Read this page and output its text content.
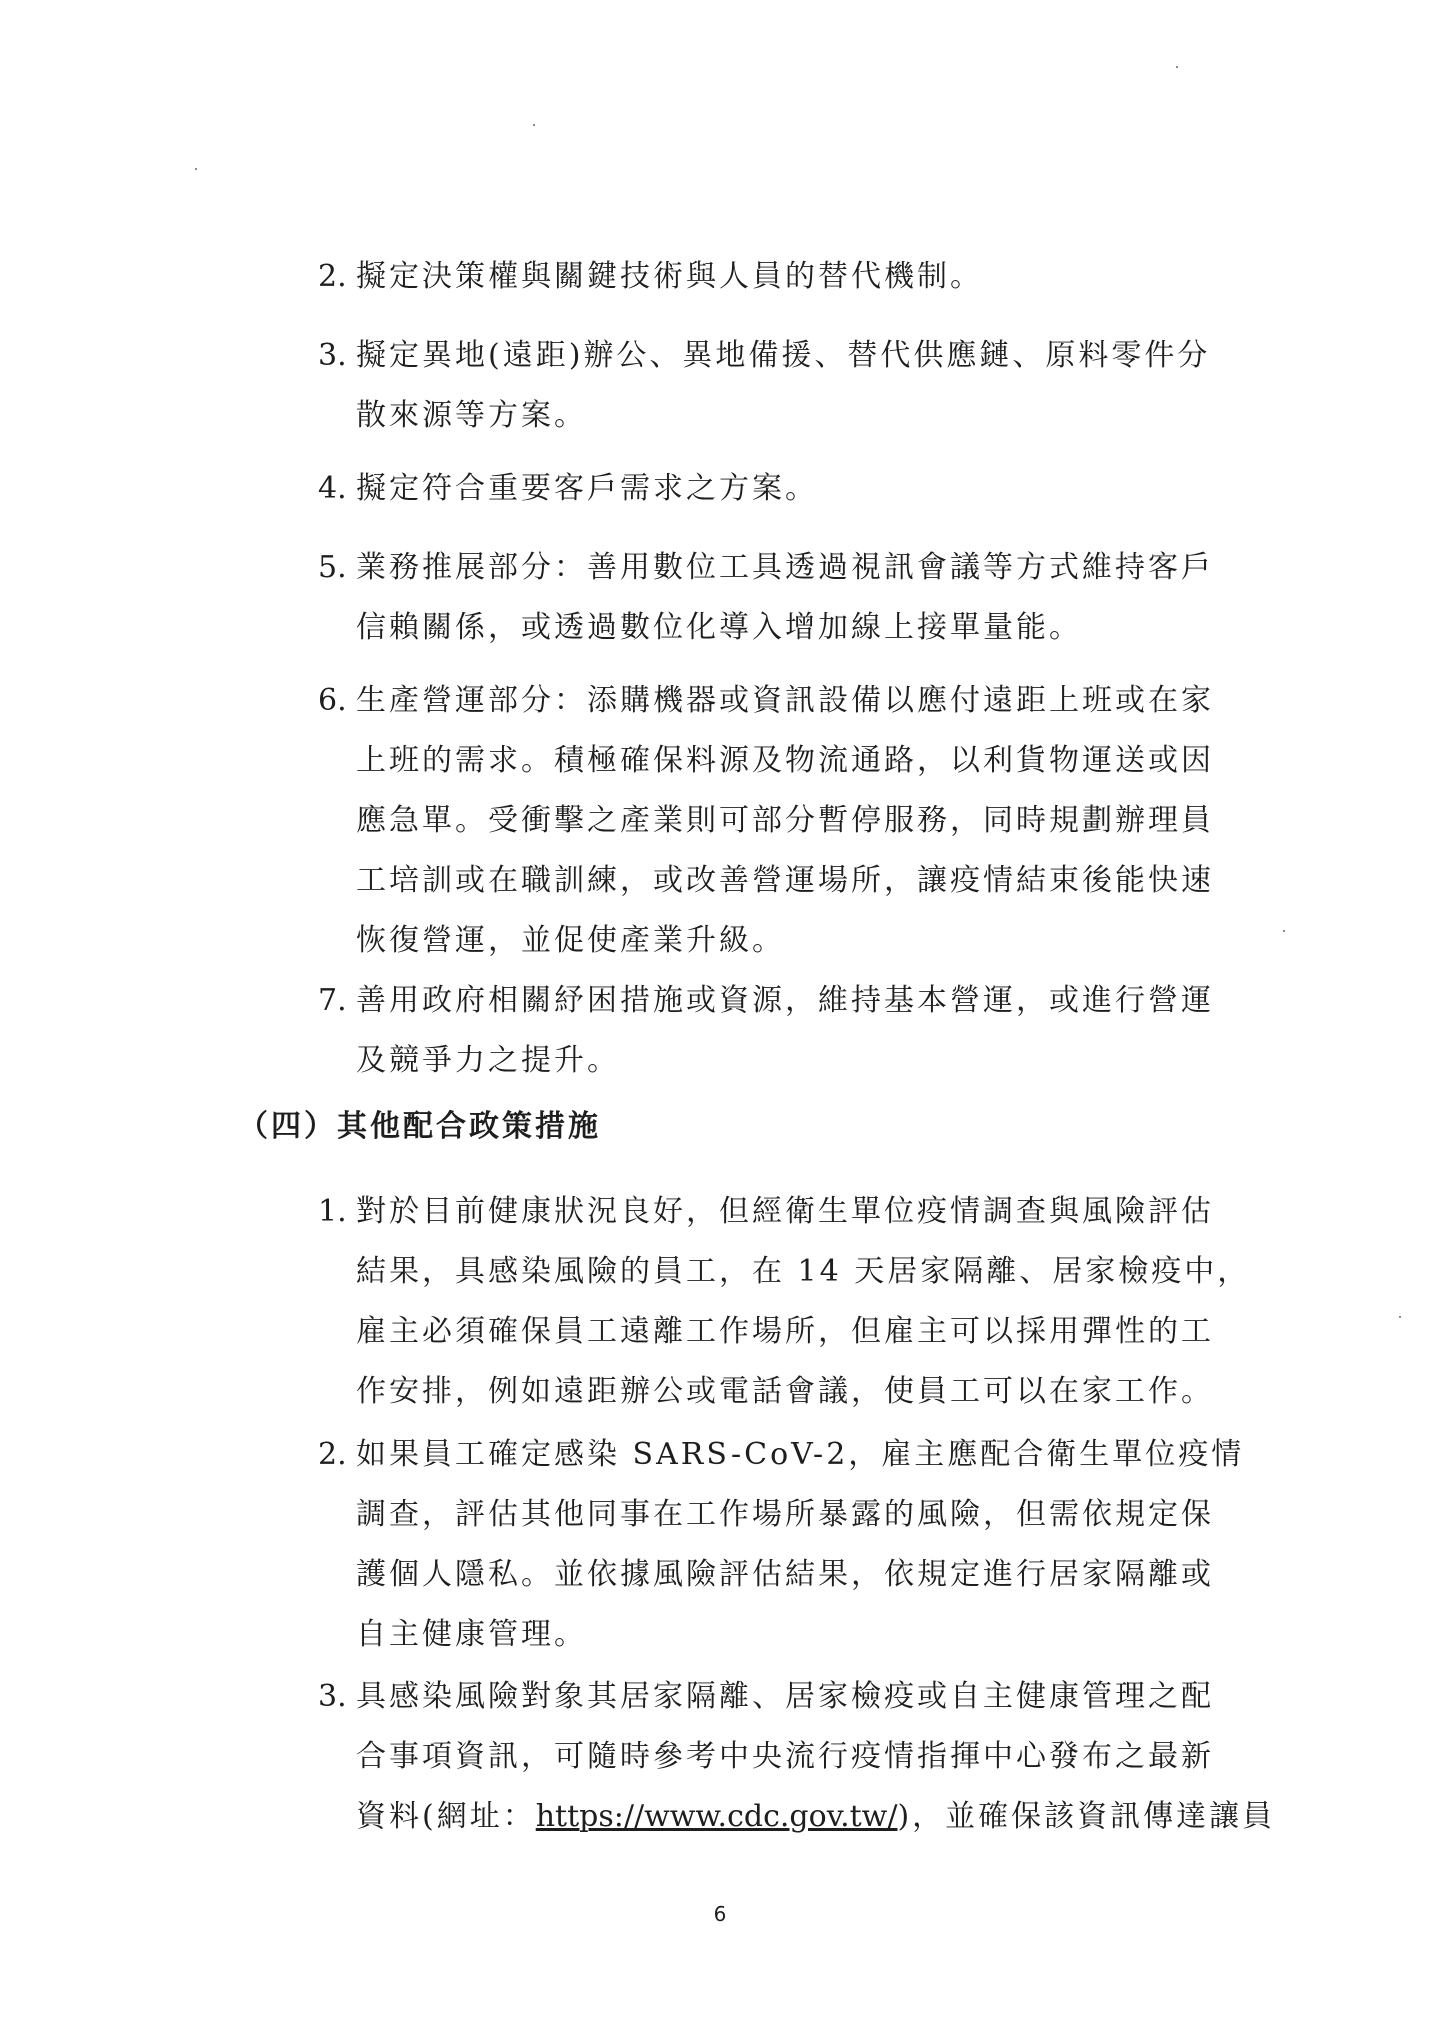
2. 擬定決策權與關鍵技術與人員的替代機制。
3. 擬定異地(遠距)辦公、異地備援、替代供應鏈、原料零件分
散來源等方案。
4. 擬定符合重要客戶需求之方案。
5. 業務推展部分：善用數位工具透過視訊會議等方式維持客戶
信賴關係，或透過數位化導入增加線上接單量能。
6. 生產營運部分：添購機器或資訊設備以應付遠距上班或在家
上班的需求。積極確保料源及物流通路，以利貨物運送或因
應急單。受衝擊之產業則可部分暫停服務，同時規劃辦理員
工培訓或在職訓練，或改善營運場所，讓疫情結束後能快速
恢復營運，並促使產業升級。
7. 善用政府相關紓困措施或資源，維持基本營運，或進行營運
及競爭力之提升。
（四）其他配合政策措施
1. 對於目前健康狀況良好，但經衛生單位疫情調查與風險評估
結果，具感染風險的員工，在 14 天居家隔離、居家檢疫中，
雇主必須確保員工遠離工作場所，但雇主可以採用彈性的工
作安排，例如遠距辦公或電話會議，使員工可以在家工作。
2. 如果員工確定感染 SARS-CoV-2，雇主應配合衛生單位疫情
調查，評估其他同事在工作場所暴露的風險，但需依規定保
護個人隱私。並依據風險評估結果，依規定進行居家隔離或
自主健康管理。
3. 具感染風險對象其居家隔離、居家檢疫或自主健康管理之配
合事項資訊，可隨時參考中央流行疫情指揮中心發布之最新
資料(網址：https://www.cdc.gov.tw/)，並確保該資訊傳達讓員
6
